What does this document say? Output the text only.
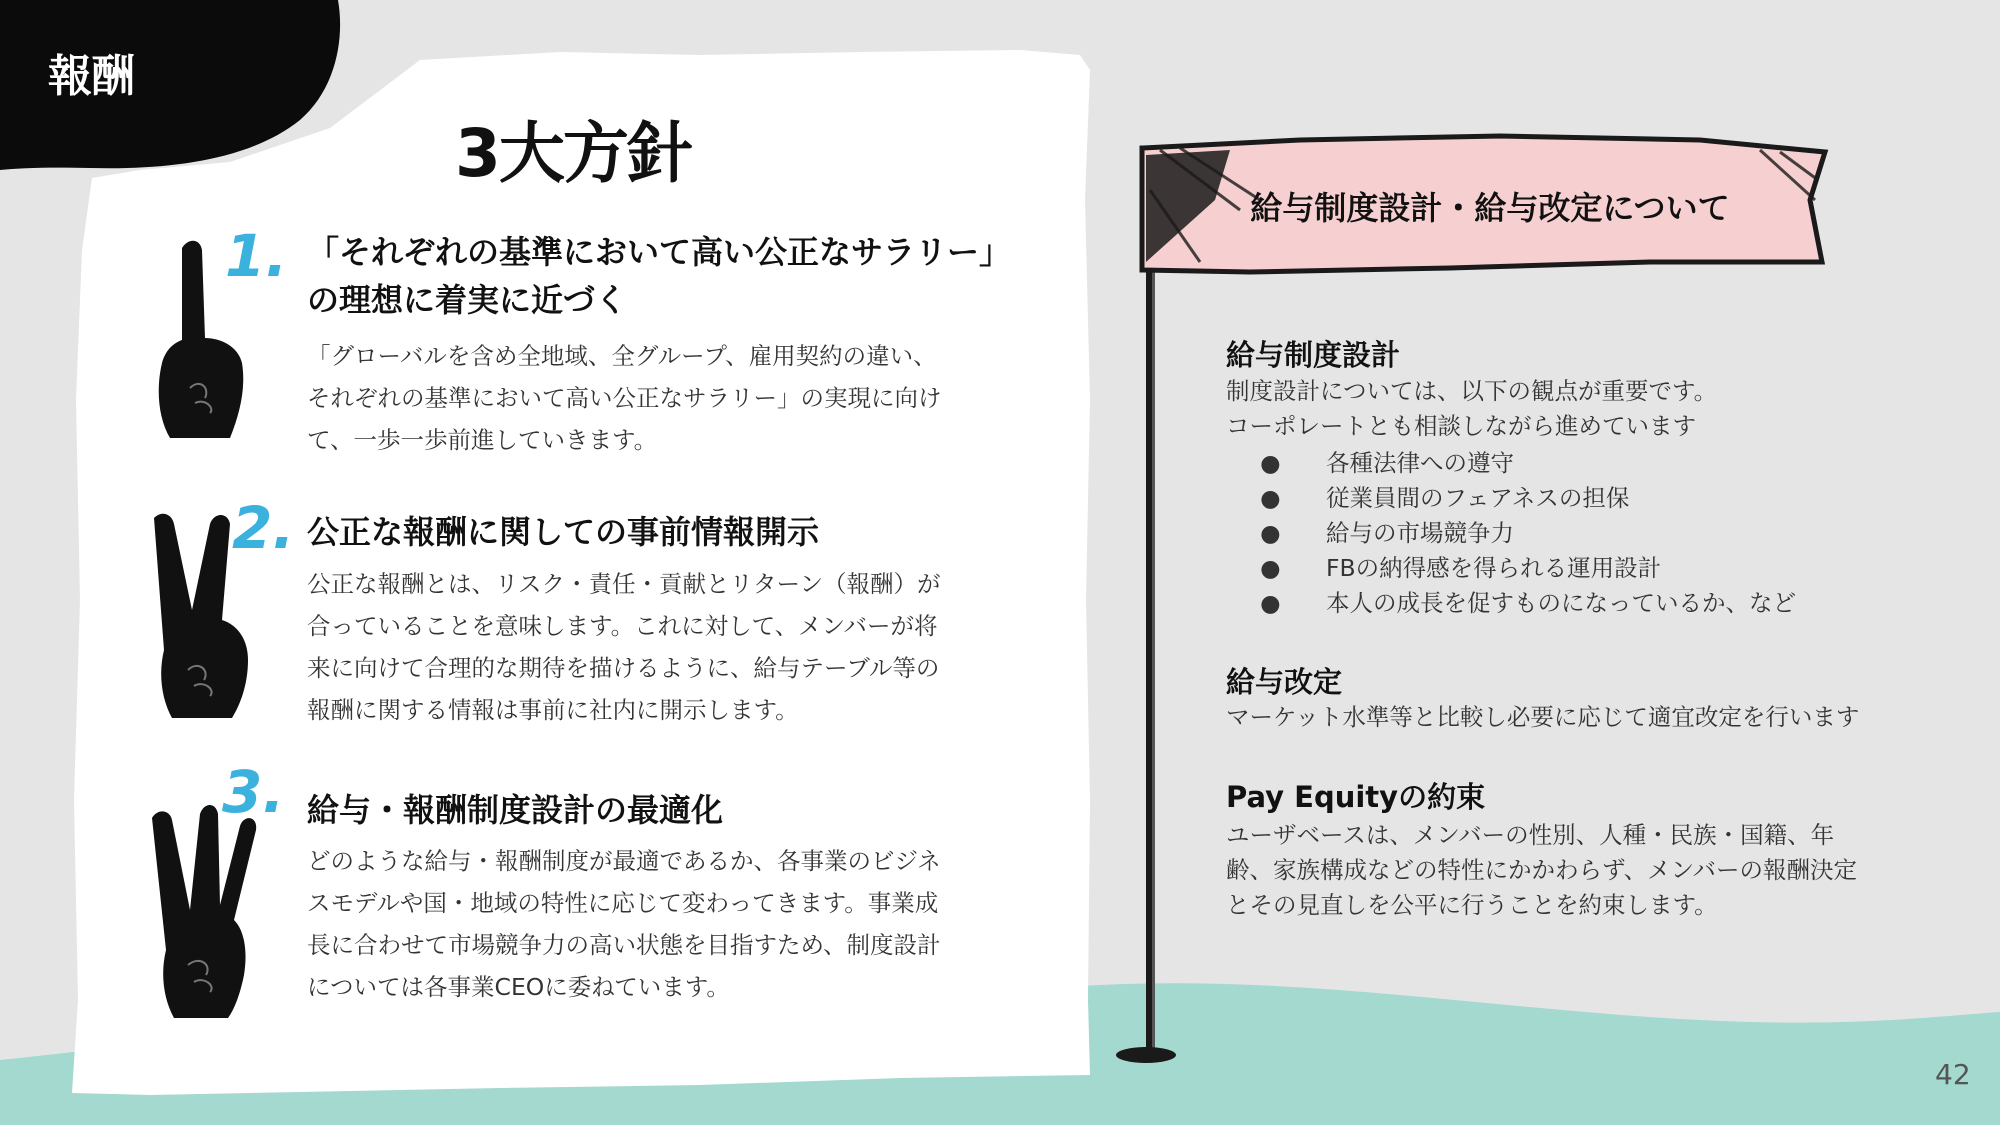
報酬
3大方針
1. 「それぞれの基準において高い公正なサラリー」
の理想に着実に近づく
「グローバルを含め全地域、全グループ、雇用契約の違い、
それぞれの基準において高い公正なサラリー」の実現に向け
て、一歩一歩前進していきます。
2. 公正な報酬に関しての事前情報開示
公正な報酬とは、リスク・責任・貢献とリターン（報酬）が
合っていることを意味します。これに対して、メンバーが将
来に向けて合理的な期待を描けるように、給与テーブル等の
報酬に関する情報は事前に社内に開示します。
3. 給与・報酬制度設計の最適化
どのような給与・報酬制度が最適であるか、各事業のビジネ
スモデルや国・地域の特性に応じて変わってきます。事業成
長に合わせて市場競争力の高い状態を目指すため、制度設計
については各事業CEOに委ねています。
給与制度設計・給与改定について
給与制度設計
制度設計については、以下の観点が重要です。
コーポレートとも相談しながら進めています
● 各種法律への遵守
● 従業員間のフェアネスの担保
● 給与の市場競争力
● FBの納得感を得られる運用設計
● 本人の成長を促すものになっているか、など
給与改定
マーケット水準等と比較し必要に応じて適宜改定を行います
Pay Equityの約束
ユーザベースは、メンバーの性別、人種・民族・国籍、年
齢、家族構成などの特性にかかわらず、メンバーの報酬決定
とその見直しを公平に行うことを約束します。
42
